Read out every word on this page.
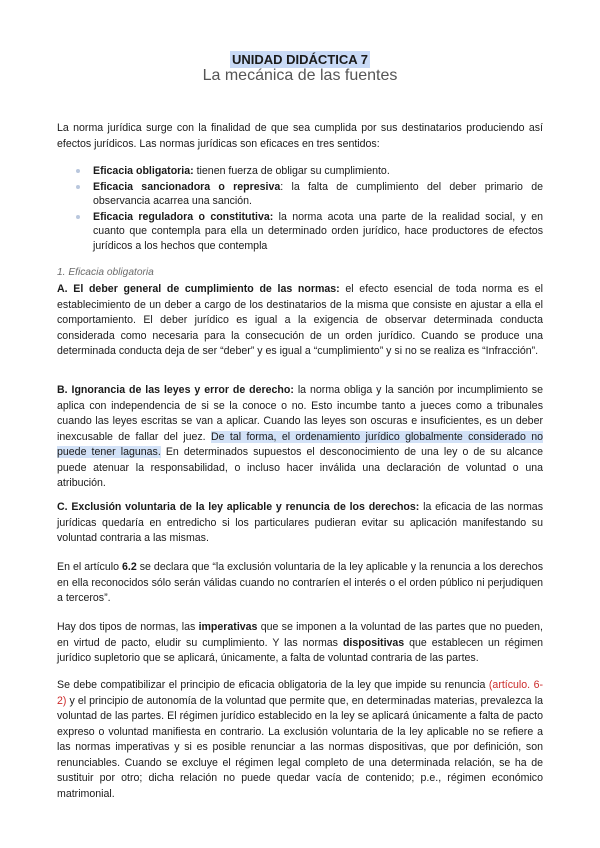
UNIDAD DIDÁCTICA 7
La mecánica de las fuentes

La norma jurídica surge con la finalidad de que sea cumplida por sus destinatarios produciendo así efectos jurídicos. Las normas jurídicas son eficaces en tres sentidos:

Eficacia obligatoria: tienen fuerza de obligar su cumplimiento.
Eficacia sancionadora o represiva: la falta de cumplimiento del deber primario de observancia acarrea una sanción.
Eficacia reguladora o constitutiva: la norma acota una parte de la realidad social, y en cuanto que contempla para ella un determinado orden jurídico, hace productores de efectos jurídicos a los hechos que contempla

1. Eficacia obligatoria

A. El deber general de cumplimiento de las normas: el efecto esencial de toda norma es el establecimiento de un deber a cargo de los destinatarios de la misma que consiste en ajustar a ella el comportamiento. El deber jurídico es igual a la exigencia de observar determinada conducta considerada como necesaria para la consecución de un orden jurídico. Cuando se produce una determinada conducta deja de ser “deber” y es igual a “cumplimiento” y si no se realiza es “Infracción”.

B. Ignorancia de las leyes y error de derecho: la norma obliga y la sanción por incumplimiento se aplica con independencia de si se la conoce o no. Esto incumbe tanto a jueces como a tribunales cuando las leyes escritas se van a aplicar. Cuando las leyes son oscuras e insuficientes, es un deber inexcusable de fallar del juez. De tal forma, el ordenamiento jurídico globalmente considerado no puede tener lagunas. En determinados supuestos el desconocimiento de una ley o de su alcance puede atenuar la responsabilidad, o incluso hacer inválida una declaración de voluntad o una atribución.

C. Exclusión voluntaria de la ley aplicable y renuncia de los derechos: la eficacia de las normas jurídicas quedaría en entredicho si los particulares pudieran evitar su aplicación manifestando su voluntad contraria a las mismas.

En el artículo 6.2 se declara que “la exclusión voluntaria de la ley aplicable y la renuncia a los derechos en ella reconocidos sólo serán válidas cuando no contraríen el interés o el orden público ni perjudiquen a terceros”.

Hay dos tipos de normas, las imperativas que se imponen a la voluntad de las partes que no pueden, en virtud de pacto, eludir su cumplimiento. Y las normas dispositivas que establecen un régimen jurídico supletorio que se aplicará, únicamente, a falta de voluntad contraria de las partes.

Se debe compatibilizar el principio de eficacia obligatoria de la ley que impide su renuncia (artículo. 6-2) y el principio de autonomía de la voluntad que permite que, en determinadas materias, prevalezca la voluntad de las partes. El régimen jurídico establecido en la ley se aplicará únicamente a falta de pacto expreso o voluntad manifiesta en contrario. La exclusión voluntaria de la ley aplicable no se refiere a las normas imperativas y si es posible renunciar a las normas dispositivas, que por definición, son renunciables. Cuando se excluye el régimen legal completo de una determinada relación, se ha de sustituir por otro; dicha relación no puede quedar vacía de contenido; p.e., régimen económico matrimonial.
